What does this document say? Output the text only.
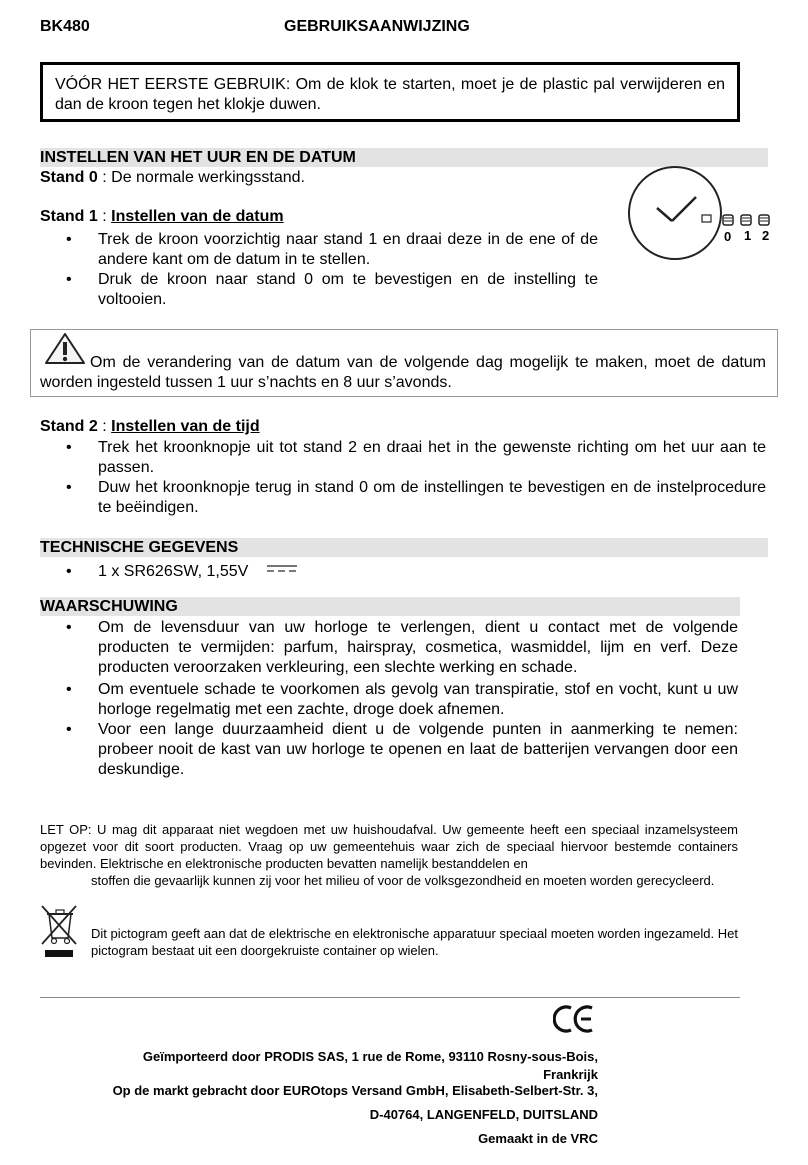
BK480	GEBRUIKSAANWIJZING
VÓÓR HET EERSTE GEBRUIK: Om de klok te starten, moet je de plastic pal verwijderen en dan de kroon tegen het klokje duwen.
INSTELLEN VAN HET UUR EN DE DATUM
Stand 0 : De normale werkingsstand.
Stand 1 : Instellen van de datum
• Trek de kroon voorzichtig naar stand 1 en draai deze in de ene of de andere kant om de datum in te stellen.
• Druk de kroon naar stand 0 om te bevestigen en de instelling te voltooien.
0 1 2
Om de verandering van de datum van de volgende dag mogelijk te maken, moet de datum worden ingesteld tussen 1 uur s’nachts en 8 uur s’avonds.
Stand 2 : Instellen van de tijd
• Trek het kroonknopje uit tot stand 2 en draai het in the gewenste richting om het uur aan te passen.
• Duw het kroonknopje terug in stand 0 om de instellingen te bevestigen en de instelprocedure te beëindigen.
TECHNISCHE GEGEVENS
• 1 x SR626SW, 1,55V
WAARSCHUWING
• Om de levensduur van uw horloge te verlengen, dient u contact met de volgende producten te vermijden: parfum, hairspray, cosmetica, wasmiddel, lijm en verf. Deze producten veroorzaken verkleuring, een slechte werking en schade.
• Om eventuele schade te voorkomen als gevolg van transpiratie, stof en vocht, kunt u uw horloge regelmatig met een zachte, droge doek afnemen.
• Voor een lange duurzaamheid dient u de volgende punten in aanmerking te nemen: probeer nooit de kast van uw horloge te openen en laat de batterijen vervangen door een deskundige.
LET OP: U mag dit apparaat niet wegdoen met uw huishoudafval. Uw gemeente heeft een speciaal inzamelsysteem opgezet voor dit soort producten. Vraag op uw gemeentehuis waar zich de speciaal hiervoor bestemde containers bevinden. Elektrische en elektronische producten bevatten namelijk bestanddelen en
stoffen die gevaarlijk kunnen zij voor het milieu of voor de volksgezondheid en moeten worden gerecycleerd.
Dit pictogram geeft aan dat de elektrische en elektronische apparatuur speciaal moeten worden ingezameld. Het pictogram bestaat uit een doorgekruiste container op wielen.
Geïmporteerd door PRODIS SAS, 1 rue de Rome, 93110 Rosny-sous-Bois,
Frankrijk
Op de markt gebracht door EUROtops Versand GmbH, Elisabeth-Selbert-Str. 3,
D-40764, LANGENFELD, DUITSLAND
Gemaakt in de VRC
